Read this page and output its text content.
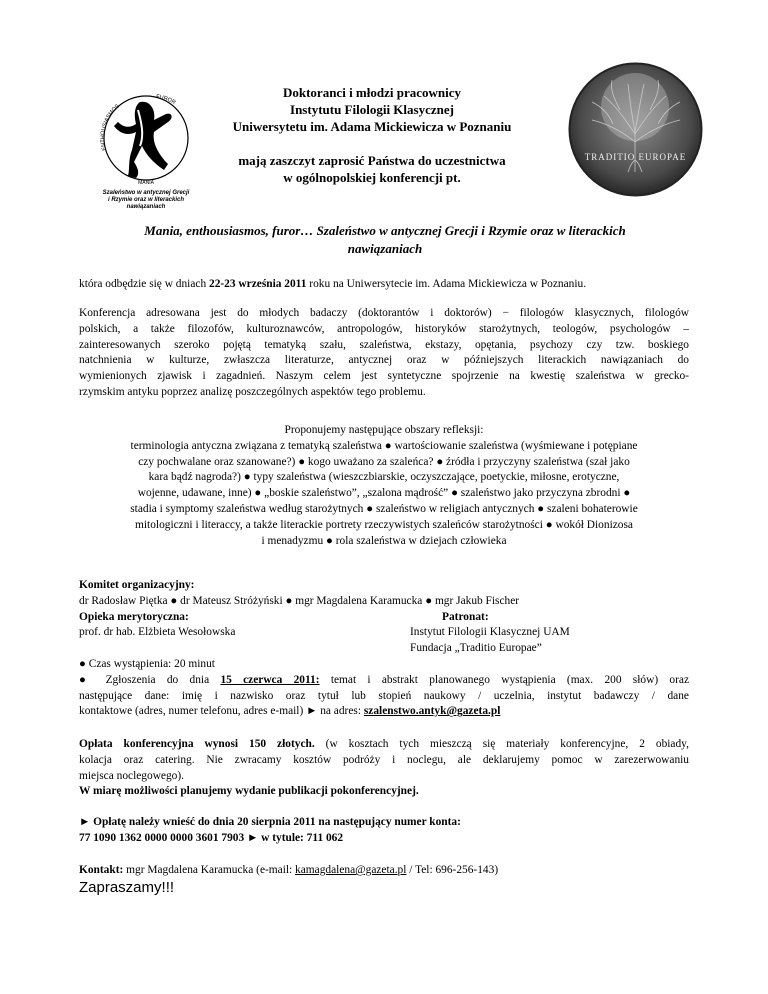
ENTHOUSIASMOS
FUROR
MANIA
Szaleństwo w antycznej Grecji
i Rzymie oraz w literackich
nawiązaniach
TRADITIO EUROPAE
Doktoranci i młodzi pracownicy
Instytutu Filologii Klasycznej
Uniwersytetu im. Adama Mickiewicza w Poznaniu
mają zaszczyt zaprosić Państwa do uczestnictwa
w ogólnopolskiej konferencji pt.
Mania, enthousiasmos, furor… Szaleństwo w antycznej Grecji i Rzymie oraz w literackich
nawiązaniach
która odbędzie się w dniach 22-23 września 2011 roku na Uniwersytecie im. Adama Mickiewicza w Poznaniu.
Konferencja adresowana jest do młodych badaczy (doktorantów i doktorów) − filologów klasycznych, filologów
polskich, a także filozofów, kulturoznawców, antropologów, historyków starożytnych, teologów, psychologów –
zainteresowanych szeroko pojętą tematyką szału, szaleństwa, ekstazy, opętania, psychozy czy tzw. boskiego
natchnienia w kulturze, zwłaszcza literaturze, antycznej oraz w późniejszych literackich nawiązaniach do
wymienionych zjawisk i zagadnień. Naszym celem jest syntetyczne spojrzenie na kwestię szaleństwa w grecko-
rzymskim antyku poprzez analizę poszczególnych aspektów tego problemu.
Proponujemy następujące obszary refleksji:
terminologia antyczna związana z tematyką szaleństwa ● wartościowanie szaleństwa (wyśmiewane i potępiane
czy pochwalane oraz szanowane?) ● kogo uważano za szaleńca? ● źródła i przyczyny szaleństwa (szał jako
kara bądź nagroda?) ● typy szaleństwa (wieszczbiarskie, oczyszczające, poetyckie, miłosne, erotyczne,
wojenne, udawane, inne) ● „boskie szaleństwo”, „szalona mądrość” ● szaleństwo jako przyczyna zbrodni ●
stadia i symptomy szaleństwa według starożytnych ● szaleństwo w religiach antycznych ● szaleni bohaterowie
mitologiczni i literaccy, a także literackie portrety rzeczywistych szaleńców starożytności ● wokół Dionizosa
i menadyzmu ● rola szaleństwa w dziejach człowieka
Komitet organizacyjny:
dr Radosław Piętka ● dr Mateusz Stróżyński ● mgr Magdalena Karamucka ● mgr Jakub Fischer
Opieka merytoryczna:	Patronat:
prof. dr hab. Elżbieta Wesołowska	Instytut Filologii Klasycznej UAM
Fundacja „Traditio Europae”
● Czas wystąpienia: 20 minut
● Zgłoszenia do dnia 15 czerwca 2011: temat i abstrakt planowanego wystąpienia (max. 200 słów) oraz
następujące dane: imię i nazwisko oraz tytuł lub stopień naukowy / uczelnia, instytut badawczy / dane
kontaktowe (adres, numer telefonu, adres e-mail) ► na adres: szalenstwo.antyk@gazeta.pl
Opłata konferencyjna wynosi 150 złotych. (w kosztach tych mieszczą się materiały konferencyjne, 2 obiady,
kolacja oraz catering. Nie zwracamy kosztów podróży i noclegu, ale deklarujemy pomoc w zarezerwowaniu
miejsca noclegowego).
W miarę możliwości planujemy wydanie publikacji pokonferencyjnej.
► Opłatę należy wnieść do dnia 20 sierpnia 2011 na następujący numer konta:
77 1090 1362 0000 0000 3601 7903 ► w tytule: 711 062
Kontakt: mgr Magdalena Karamucka (e-mail: kamagdalena@gazeta.pl / Tel: 696-256-143)
Zapraszamy!!!
